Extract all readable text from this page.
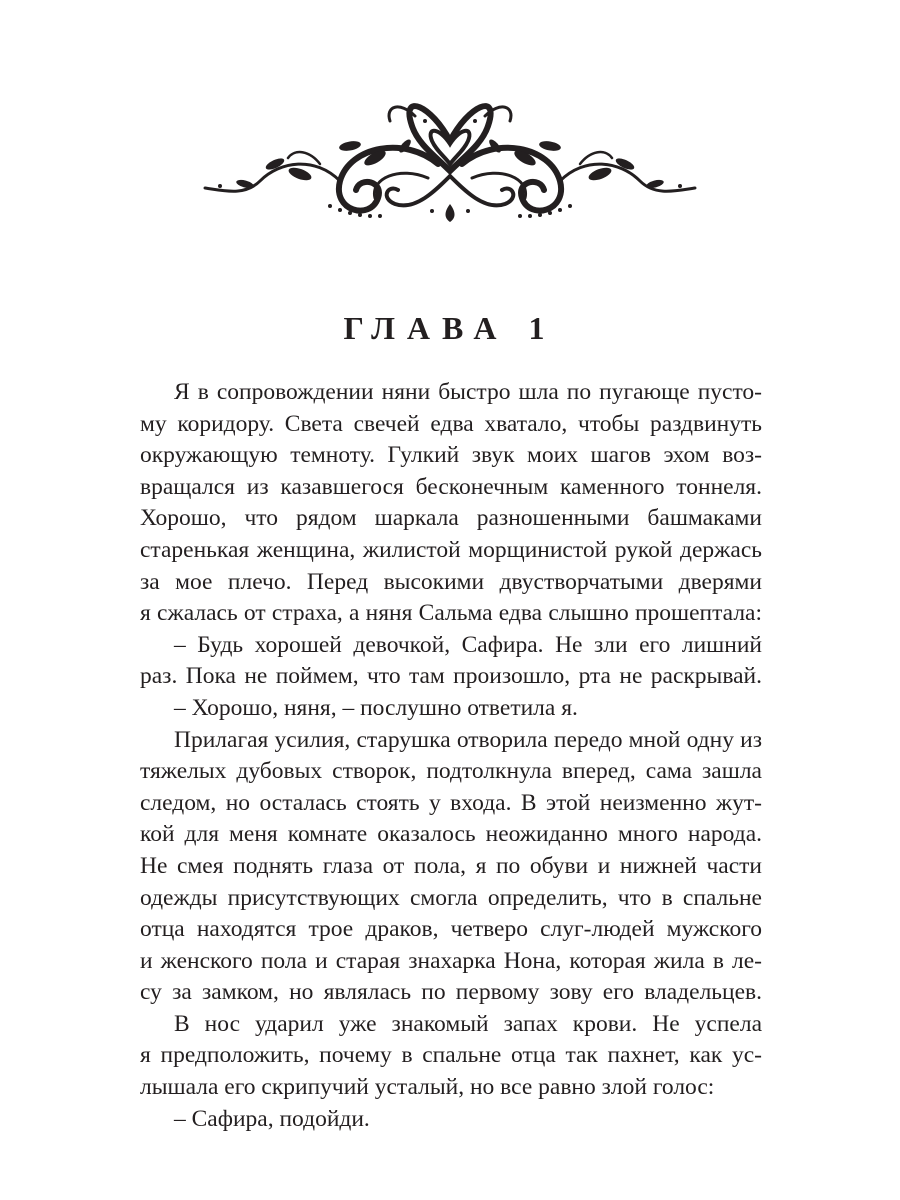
ГЛАВА 1
Я в сопровождении няни быстро шла по пугающе пусто-
му коридору. Света свечей едва хватало, чтобы раздвинуть
окружающую темноту. Гулкий звук моих шагов эхом воз-
вращался из казавшегося бесконечным каменного тоннеля.
Хорошо, что рядом шаркала разношенными башмаками
старенькая женщина, жилистой морщинистой рукой держась
за мое плечо. Перед высокими двустворчатыми дверями
я сжалась от страха, а няня Сальма едва слышно прошептала:
– Будь хорошей девочкой, Сафира. Не зли его лишний
раз. Пока не поймем, что там произошло, рта не раскрывай.
– Хорошо, няня, – послушно ответила я.
Прилагая усилия, старушка отворила передо мной одну из
тяжелых дубовых створок, подтолкнула вперед, сама зашла
следом, но осталась стоять у входа. В этой неизменно жут-
кой для меня комнате оказалось неожиданно много народа.
Не смея поднять глаза от пола, я по обуви и нижней части
одежды присутствующих смогла определить, что в спальне
отца находятся трое драков, четверо слуг-людей мужского
и женского пола и старая знахарка Нона, которая жила в ле-
су за замком, но являлась по первому зову его владельцев.
В нос ударил уже знакомый запах крови. Не успела
я предположить, почему в спальне отца так пахнет, как ус-
лышала его скрипучий усталый, но все равно злой голос:
– Сафира, подойди.
